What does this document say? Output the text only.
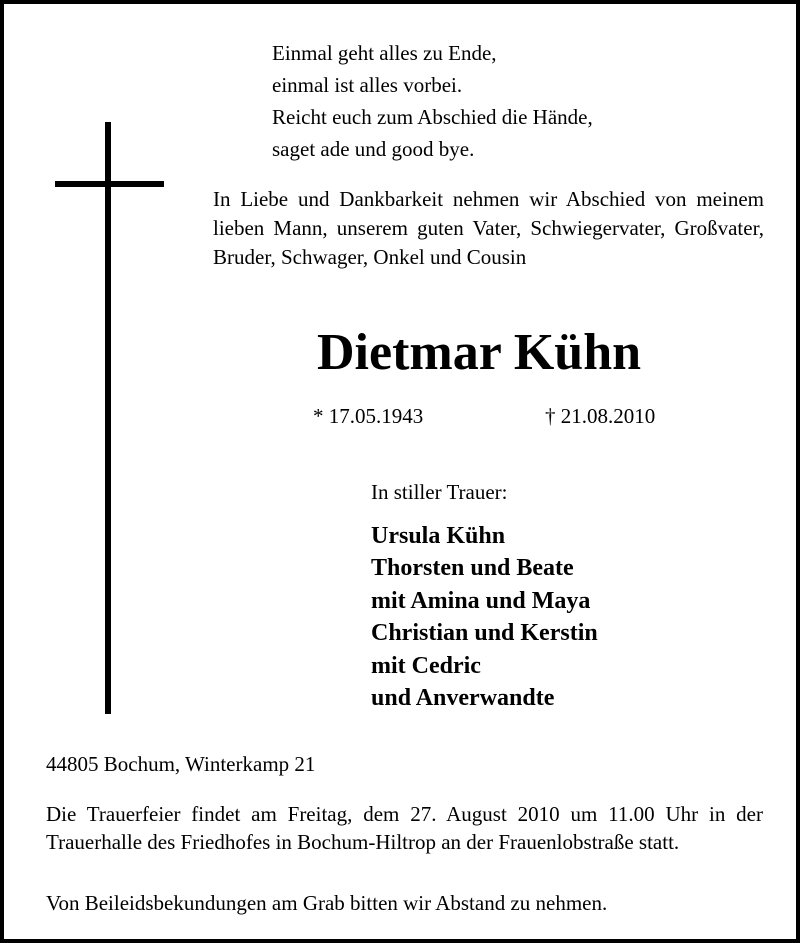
Einmal geht alles zu Ende,
einmal ist alles vorbei.
Reicht euch zum Abschied die Hände,
saget ade und good bye.
In Liebe und Dankbarkeit nehmen wir Abschied von meinem lieben Mann, unserem guten Vater, Schwiegervater, Großvater, Bruder, Schwager, Onkel und Cousin
Dietmar Kühn
* 17.05.1943	† 21.08.2010
In stiller Trauer:
Ursula Kühn
Thorsten und Beate
mit Amina und Maya
Christian und Kerstin
mit Cedric
und Anverwandte
44805 Bochum, Winterkamp 21
Die Trauerfeier findet am Freitag, dem 27. August 2010 um 11.00 Uhr in der Trauerhalle des Friedhofes in Bochum-Hiltrop an der Frauenlobstraße statt.
Von Beileidsbekundungen am Grab bitten wir Abstand zu nehmen.
